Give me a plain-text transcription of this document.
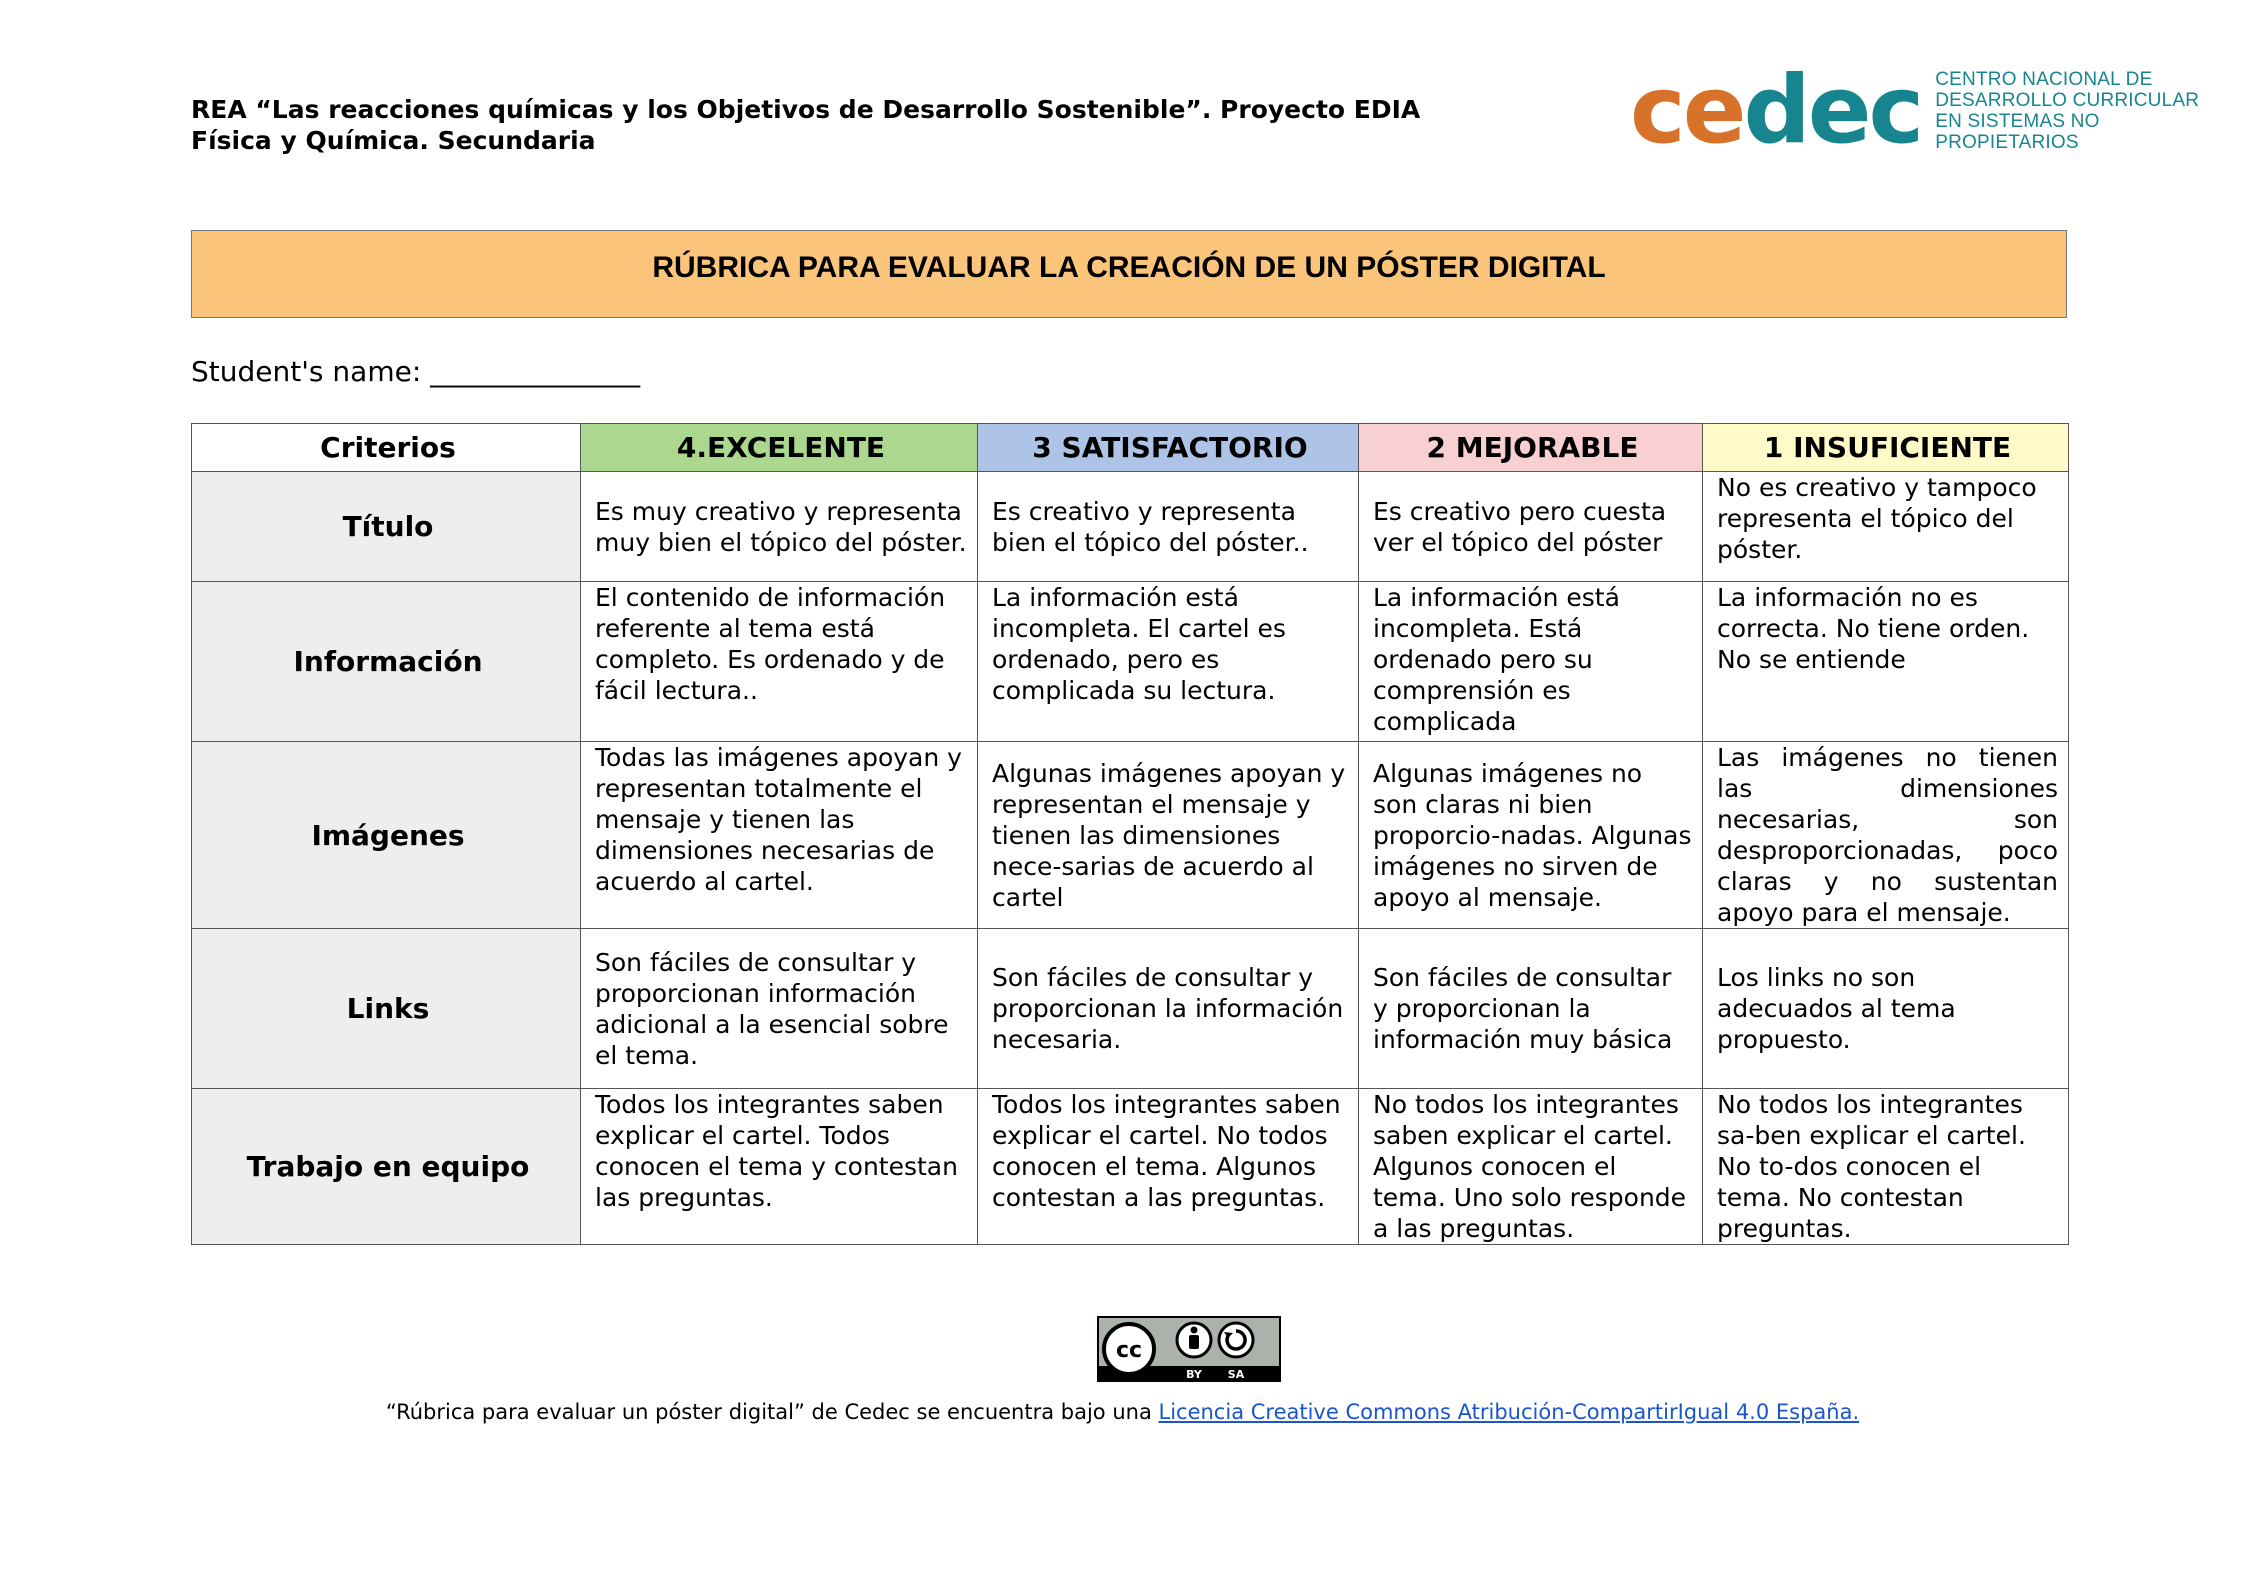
REA “Las reacciones químicas y los Objetivos de Desarrollo Sostenible”. Proyecto EDIA
Física y Química. Secundaria	cedec CENTRO NACIONAL DE
DESARROLLO CURRICULAR
EN SISTEMAS NO PROPIETARIOS
RÚBRICA PARA EVALUAR LA CREACIÓN DE UN PÓSTER DIGITAL
Student's name: _______________
Criterios	4.EXCELENTE	3 SATISFACTORIO	2 MEJORABLE	1 INSUFICIENTE
Título	Es muy creativo y representa muy bien el tópico del póster.	Es creativo y representa bien el tópico del póster..	Es creativo pero cuesta ver el tópico del póster	No es creativo y tampoco representa el tópico del póster.
Información	El contenido de información referente al tema está completo. Es ordenado y de fácil lectura..	La información está incompleta. El cartel es ordenado, pero es complicada su lectura.	La información está incompleta. Está ordenado pero su comprensión es complicada	La información no es correcta. No tiene orden. No se entiende
Imágenes	Todas las imágenes apoyan y representan totalmente el mensaje y tienen las dimensiones necesarias de acuerdo al cartel.	Algunas imágenes apoyan y representan el mensaje y tienen las dimensiones nece-sarias de acuerdo al cartel	Algunas imágenes no son claras ni bien proporcio-nadas. Algunas imágenes no sirven de apoyo al mensaje.	Las imágenes no tienen las dimensiones necesarias, son desproporcionadas, poco claras y no sustentan apoyo para el mensaje.
Links	Son fáciles de consultar y proporcionan información adicional a la esencial sobre el tema.	Son fáciles de consultar y proporcionan la información necesaria.	Son fáciles de consultar y proporcionan la información muy básica	Los links no son adecuados al tema propuesto.
Trabajo en equipo	Todos los integrantes saben explicar el cartel. Todos conocen el tema y contestan las preguntas.	Todos los integrantes saben explicar el cartel. No todos conocen el tema. Algunos contestan a las preguntas.	No todos los integrantes saben explicar el cartel. Algunos conocen el tema. Uno solo responde a las preguntas.	No todos los integrantes sa-ben explicar el cartel. No to-dos conocen el tema. No contestan preguntas.
cc
BY SA
“Rúbrica para evaluar un póster digital” de Cedec se encuentra bajo una Licencia Creative Commons Atribución-CompartirIgual 4.0 España.
